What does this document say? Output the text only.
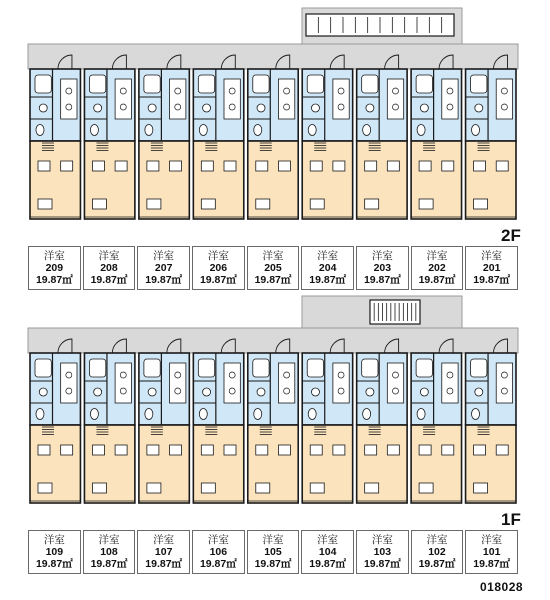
洋室
209
19.87㎡
洋室
208
19.87㎡
洋室
207
19.87㎡
洋室
206
19.87㎡
洋室
205
19.87㎡
洋室
204
19.87㎡
洋室
203
19.87㎡
洋室
202
19.87㎡
洋室
201
19.87㎡
洋室
109
19.87㎡
洋室
108
19.87㎡
洋室
107
19.87㎡
洋室
106
19.87㎡
洋室
105
19.87㎡
洋室
104
19.87㎡
洋室
103
19.87㎡
洋室
102
19.87㎡
洋室
101
19.87㎡
2F
1F
018028
